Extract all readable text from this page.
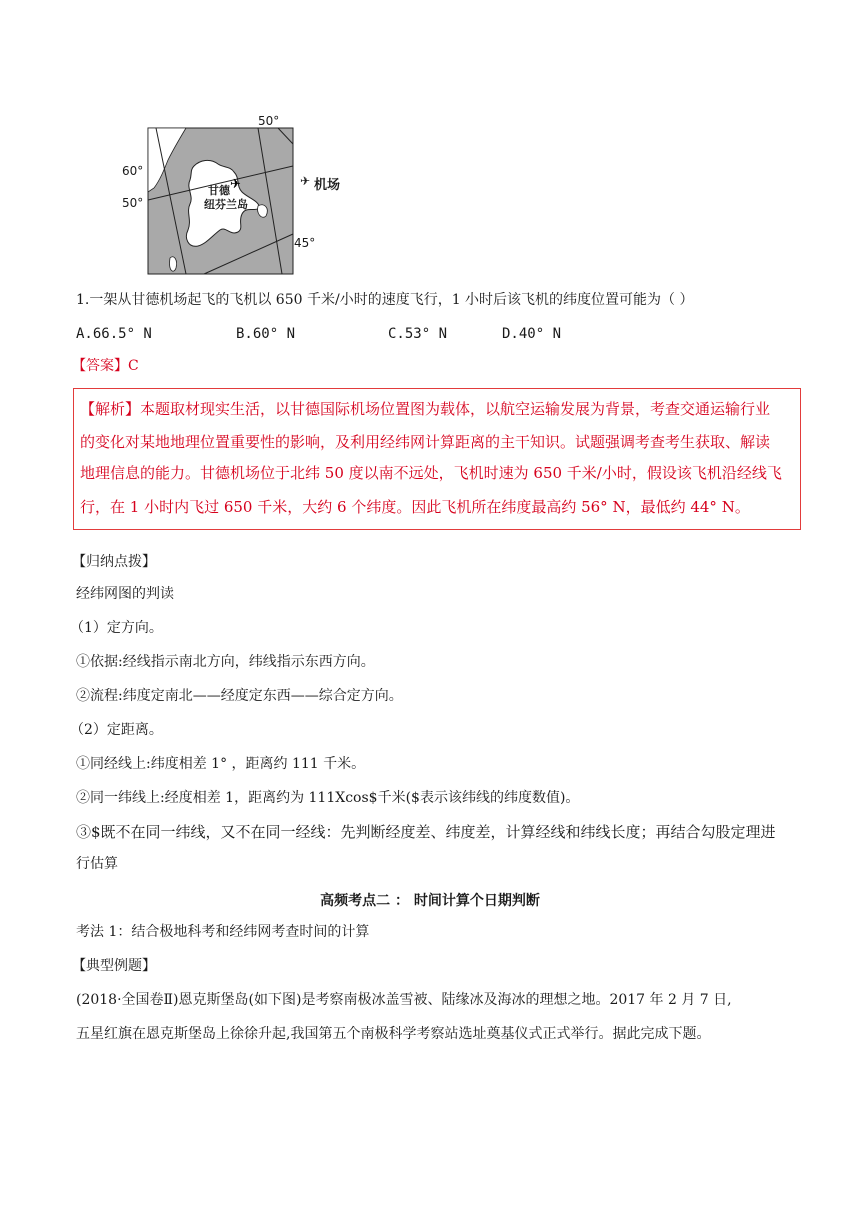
✈
50°
60°
50°
45°
甘德
纽芬兰岛
✈ 机场
1.一架从甘德机场起飞的飞机以 650 千米/小时的速度飞行，1 小时后该飞机的纬度位置可能为（ ）
A.66.5° N	B.60° N	C.53° N	D.40° N
【答案】C

【解析】本题取材现实生活，以甘德国际机场位置图为载体，以航空运输发展为背景，考查交通运输行业

的变化对某地地理位置重要性的影响，及利用经纬网计算距离的主干知识。试题强调考查考生获取、解读

地理信息的能力。甘德机场位于北纬 50 度以南不远处，飞机时速为 650 千米/小时，假设该飞机沿经线飞

行，在 1 小时内飞过 650 千米，大约 6 个纬度。因此飞机所在纬度最高约 56° N，最低约 44° N。

【归纳点拨】
经纬网图的判读
（1）定方向。
①依据:经线指示南北方向，纬线指示东西方向。
②流程:纬度定南北——经度定东西——综合定方向。
（2）定距离。
①同经线上:纬度相差 1° ，距离约 111 千米。
②同一纬线上:经度相差 1，距离约为 111Xcos$千米($表示该纬线的纬度数值)。
③$既不在同一纬线，又不在同一经线：先判断经度差、纬度差，计算经线和纬线长度；再结合勾股定理进
行估算
高频考点二 ： 时间计算个日期判断
考法 1：结合极地科考和经纬网考查时间的计算
【典型例题】
(2018·全国卷Ⅱ)恩克斯堡岛(如下图)是考察南极冰盖雪被、陆缘冰及海冰的理想之地。2017 年 2 月 7 日,
五星红旗在恩克斯堡岛上徐徐升起,我国第五个南极科学考察站选址奠基仪式正式举行。据此完成下题。
